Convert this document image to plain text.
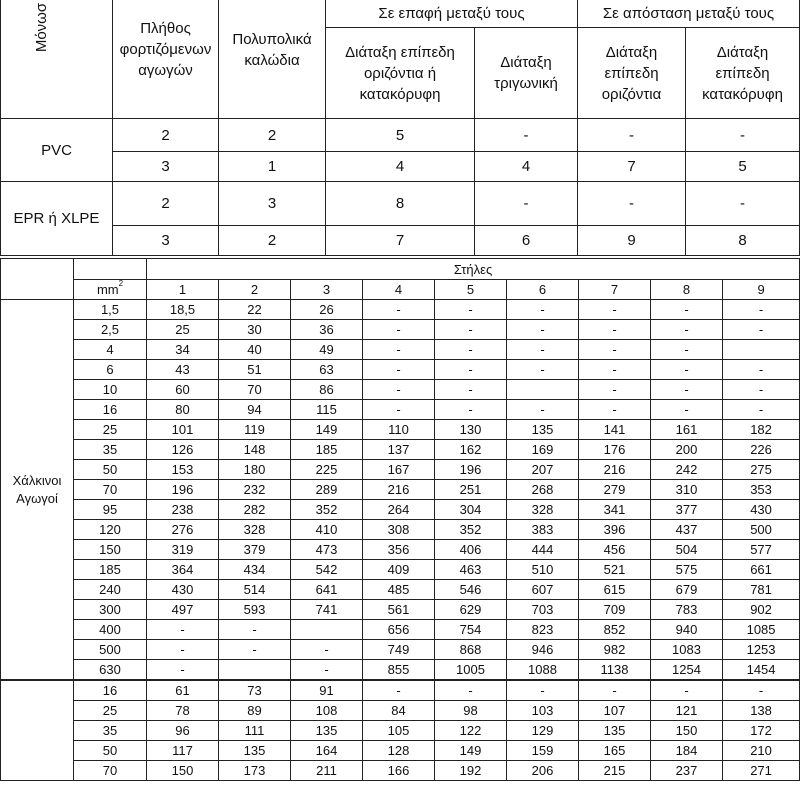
Μόνωσ	Πλήθος φορτιζόμενων αγωγών	Πολυπολικά καλώδια	Σε επαφή μεταξύ τους		Σε απόσταση μεταξύ τους	
			Διάταξη επίπεδη οριζόντια ή κατακόρυφη	Διάταξη τριγωνική	Διάταξη επίπεδη οριζόντια	Διάταξη επίπεδη κατακόρυφη
PVC	2	2	5	-	-	-
	3	1	4	4	7	5
EPR ή XLPE	2	3	8	-	-	-
	3	2	7	6	9	8
		Στήλες								
	$mm^2$	1	2	3	4	5	6	7	8	9
Χάλκινοι Αγωγοί	1,5	18,5	22	26	-	-	-	-	-	-
	2,5	25	30	36	-	-	-	-	-	-
	4	34	40	49	-	-	-	-	-	
	6	43	51	63	-	-	-	-	-	-
	10	60	70	86	-	-		-	-	-
	16	80	94	115	-	-	-	-	-	-
	25	101	119	149	110	130	135	141	161	182
	35	126	148	185	137	162	169	176	200	226
	50	153	180	225	167	196	207	216	242	275
	70	196	232	289	216	251	268	279	310	353
	95	238	282	352	264	304	328	341	377	430
	120	276	328	410	308	352	383	396	437	500
	150	319	379	473	356	406	444	456	504	577
	185	364	434	542	409	463	510	521	575	661
	240	430	514	641	485	546	607	615	679	781
	300	497	593	741	561	629	703	709	783	902
	400	-	-		656	754	823	852	940	1085
	500	-	-	-	749	868	946	982	1083	1253
	630	-		-	855	1005	1088	1138	1254	1454
	16	61	73	91	-	-	-	-	-	-
	25	78	89	108	84	98	103	107	121	138
	35	96	111	135	105	122	129	135	150	172
	50	117	135	164	128	149	159	165	184	210
	70	150	173	211	166	192	206	215	237	271
